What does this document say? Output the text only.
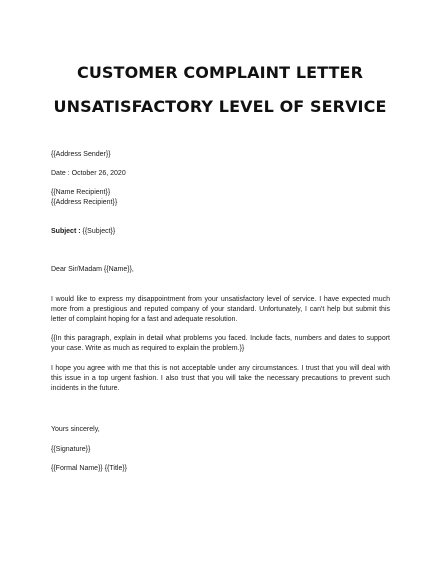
CUSTOMER COMPLAINT LETTER
UNSATISFACTORY LEVEL OF SERVICE
{{Address Sender}}
Date : October 26, 2020
{{Name Recipient}}
{{Address Recipient}}
Subject : {{Subject}}
Dear Sir/Madam {{Name}},
I would like to express my disappointment from your unsatisfactory level of service. I have expected much more from a prestigious and reputed company of your standard. Unfortunately, I can't help but submit this letter of complaint hoping for a fast and adequate resolution.
{{In this paragraph, explain in detail what problems you faced. Include facts, numbers and dates to support your case. Write as much as required to explain the problem.}}
I hope you agree with me that this is not acceptable under any circumstances. I trust that you will deal with this issue in a top urgent fashion. I also trust that you will take the necessary precautions to prevent such incidents in the future.
Yours sincerely,
{{Signature}}
{{Formal Name}} {{Title}}
